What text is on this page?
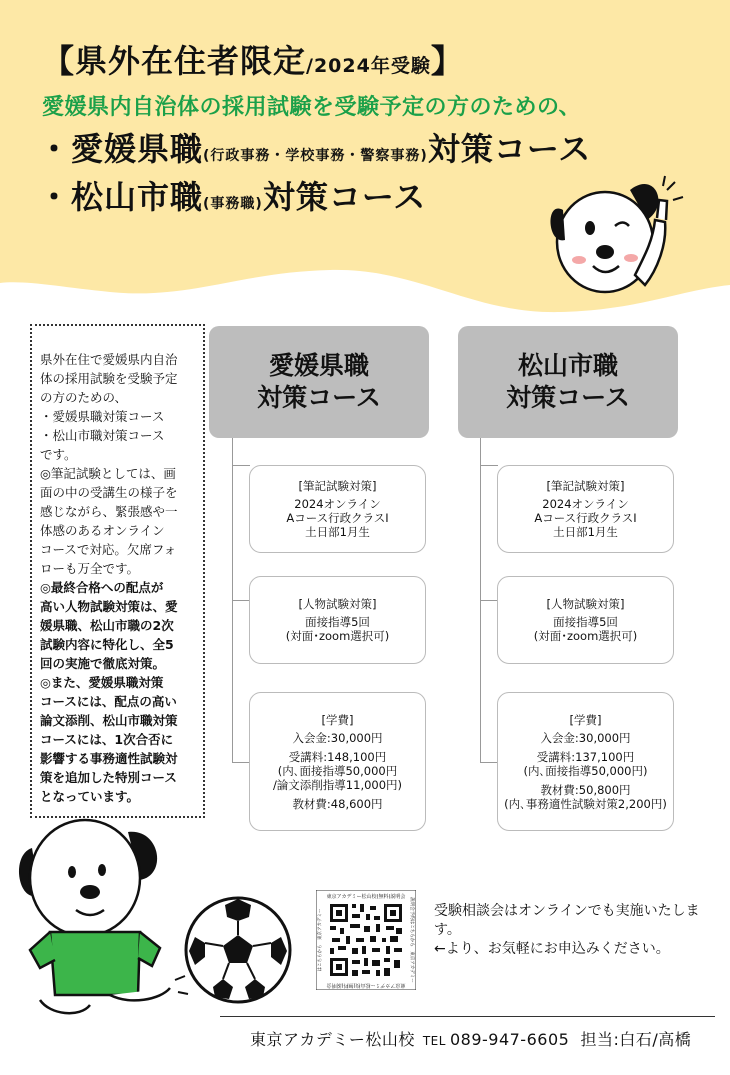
【県外在住者限定/2024年受験】
愛媛県内自治体の採用試験を受験予定の方のための、
・愛媛県職(行政事務・学校事務・警察事務)対策コース
・松山市職(事務職)対策コース

県外在住で愛媛県内自治
体の採用試験を受験予定
の方のための、
・愛媛県職対策コース
・松山市職対策コース
です。
◎筆記試験としては、画
面の中の受講生の様子を
感じながら、緊張感や一
体感のあるオンライン
コースで対応。欠席フォ
ローも万全です。

◎最終合格への配点が
高い人物試験対策は、愛
媛県職、松山市職の2次
試験内容に特化し、全5
回の実施で徹底対策。
◎また、愛媛県職対策
コースには、配点の高い
論文添削、松山市職対策
コースには、1次合否に
影響する事務適性試験対
策を追加した特別コース
となっています。

愛媛県職
対策コース
松山市職
対策コース
[筆記試験対策]
2024オンライン
Aコース行政クラスⅠ
土日部1月生
[人物試験対策]
面接指導5回
(対面･zoom選択可)
[学費]
入会金:30,000円
受講料:148,100円
(内､面接指導50,000円
/論文添削指導11,000円)
教材費:48,600円
[筆記試験対策]
2024オンライン
Aコース行政クラスⅠ
土日部1月生
[人物試験対策]
面接指導5回
(対面･zoom選択可)
[学費]
入会金:30,000円
受講料:137,100円
(内､面接指導50,000円)
教材費:50,800円
(内､事務適性試験対策2,200円)
東京アカデミー松山校(無料)説明会
東京アカデミー松山校(無料)説明会
説明会予約はこちらから　東京アカデミー
はこちらから　東京アカデミー	受験相談会はオンラインでも実施いたします。
←より、お気軽にお申込みください。
東京アカデミー松山校 TEL 089-947-6605 担当:白石/高橋
